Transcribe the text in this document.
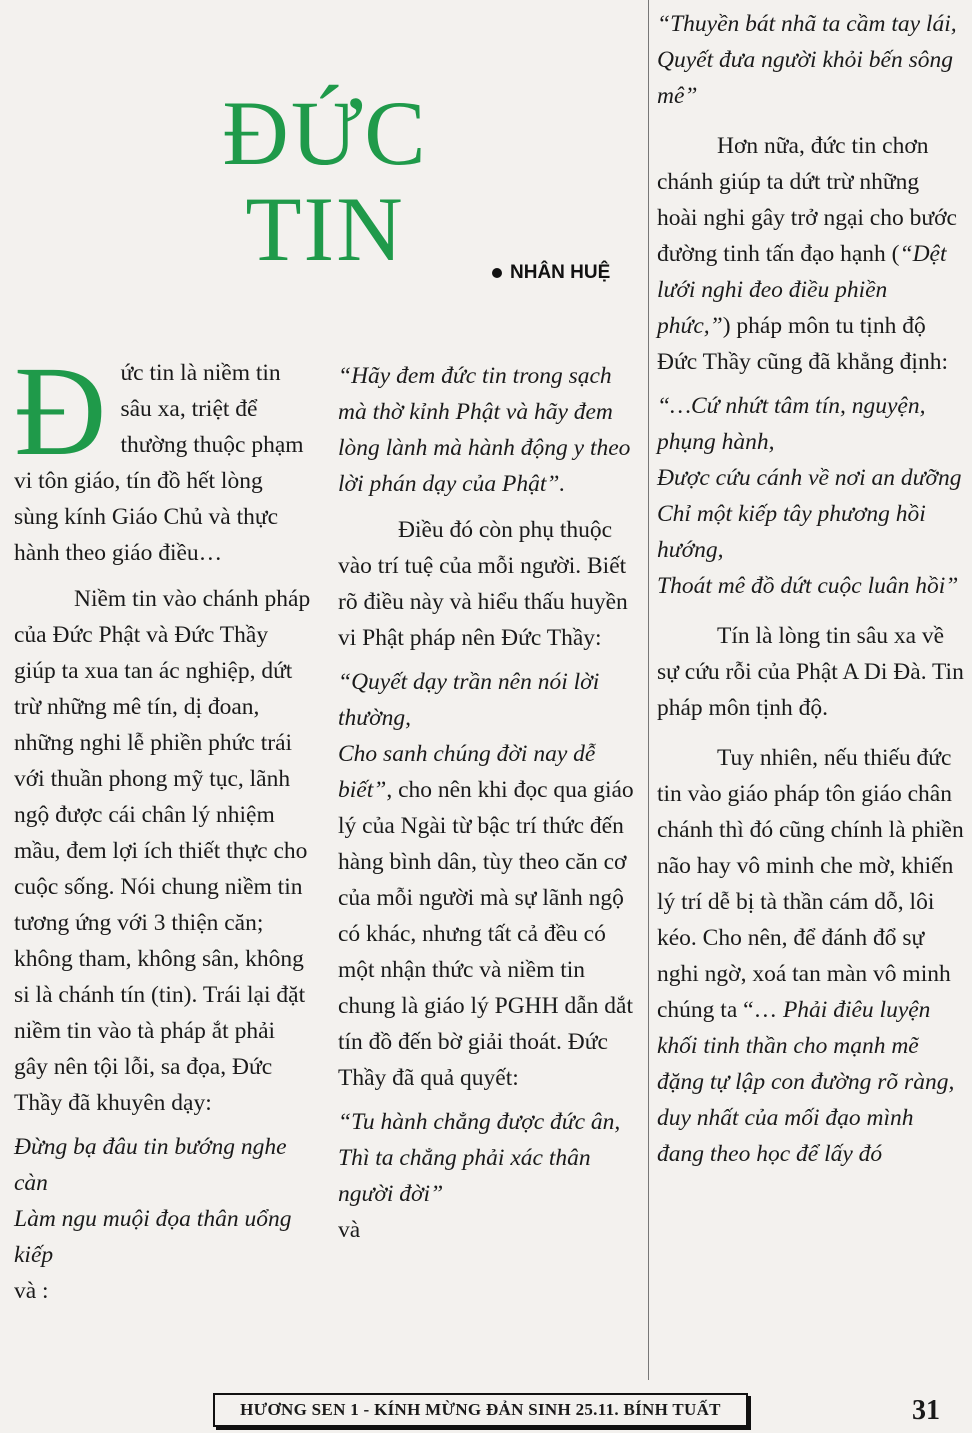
ĐỨC
TIN	NHÂN HUỆ

Đức tin là niềm tin sâu xa, triệt để thường thuộc phạm vi tôn giáo, tín đồ hết lòng sùng kính Giáo Chủ và thực hành theo giáo điều…

Niềm tin vào chánh pháp của Đức Phật và Đức Thầy giúp ta xua tan ác nghiệp, dứt trừ những mê tín, dị đoan, những nghi lễ phiền phức trái với thuần phong mỹ tục, lãnh ngộ được cái chân lý nhiệm mầu, đem lợi ích thiết thực cho cuộc sống. Nói chung niềm tin tương ứng với 3 thiện căn; không tham, không sân, không si là chánh tín (tin). Trái lại đặt niềm tin vào tà pháp ắt phải gây nên tội lỗi, sa đọa, Đức Thầy đã khuyên dạy:

Đừng bạ đâu tin bướng nghe càn

Làm ngu muội đọa thân uổng kiếp

và :

“Hãy đem đức tin trong sạch mà thờ kỉnh Phật và hãy đem lòng lành mà hành động y theo lời phán dạy của Phật”.

Điều đó còn phụ thuộc vào trí tuệ của mỗi người. Biết rõ điều này và hiểu thấu huyền vi Phật pháp nên Đức Thầy:

“Quyết dạy trần nên nói lời thường,

Cho sanh chúng đời nay dễ biết”, cho nên khi đọc qua giáo lý của Ngài từ bậc trí thức đến hàng bình dân, tùy theo căn cơ của mỗi người mà sự lãnh ngộ có khác, nhưng tất cả đều có một nhận thức và niềm tin chung là giáo lý PGHH dẫn dắt tín đồ đến bờ giải thoát. Đức Thầy đã quả quyết:

“Tu hành chẳng được đức ân,

Thì ta chẳng phải xác thân người đời”

và

“Thuyền bát nhã ta cầm tay lái,

Quyết đưa người khỏi bến sông mê”

Hơn nữa, đức tin chơn chánh giúp ta dứt trừ những hoài nghi gây trở ngại cho bước đường tinh tấn đạo hạnh (“Dệt lưới nghi đeo điều phiền phức,”) pháp môn tu tịnh độ Đức Thầy cũng đã khẳng định:

“…Cứ nhứt tâm tín, nguyện, phụng hành,

Được cứu cánh về nơi an dưỡng

Chỉ một kiếp tây phương hồi hướng,

Thoát mê đồ dứt cuộc luân hồi”

Tín là lòng tin sâu xa về sự cứu rỗi của Phật A Di Đà. Tin pháp môn tịnh độ.

Tuy nhiên, nếu thiếu đức tin vào giáo pháp tôn giáo chân chánh thì đó cũng chính là phiền não hay vô minh che mờ, khiến lý trí dễ bị tà thần cám dỗ, lôi kéo. Cho nên, để đánh đổ sự nghi ngờ, xoá tan màn vô minh chúng ta “… Phải điêu luyện khối tinh thần cho mạnh mẽ đặng tự lập con đường rõ ràng, duy nhất của mối đạo mình đang theo học để lấy đó

HƯƠNG SEN 1 - KÍNH MỪNG ĐẢN SINH 25.11. BÍNH TUẤT	31
